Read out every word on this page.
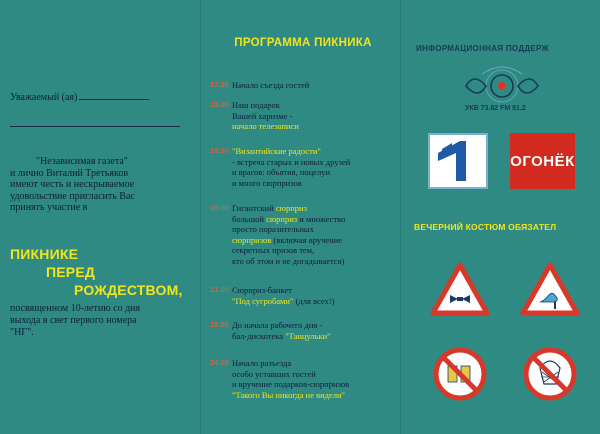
Уважаемый (ая)
"Независимая газета"
и лично Виталий Третьяков
имеют честь и нескрываемое
удовольствие пригласить Вас
принять участие в
ПИКНИКЕ
ПЕРЕД
РОЖДЕСТВОМ,
посвященном 10-летию со дня
выхода в свет первого номера
"НГ".
ПРОГРАММА ПИКНИКА
17.30 Начало съезда гостей
18.00 Наш подарок
Вашей харизме -
начало телезаписи
18.30 "Византийские радости"
- встреча старых и новых друзей
и врагов: объятия, поцелуи
и много сюрпризов
19.00 Гигантский сюрприз
большой сюрприз и множество
просто поразительных
сюрпризов (включая вручение
секретных призов тем,
кто об этом и не догадывается)
21.00 Сюрприз-банкет
"Под сугробами" (для всех!)
22.00 До начала рабочего дня -
бал-дискотека "Танцульки"
24.00 Начало разъезда
особо уставших гостей
и вручение подарков-сюрпризов
"Такого Вы никогда не видели"
ИНФОРМАЦИОННАЯ ПОДДЕРЖ
УКВ 73.82 FM 91.2
ОГОНЁК
ВЕЧЕРНИЙ КОСТЮМ ОБЯЗАТЕЛ
